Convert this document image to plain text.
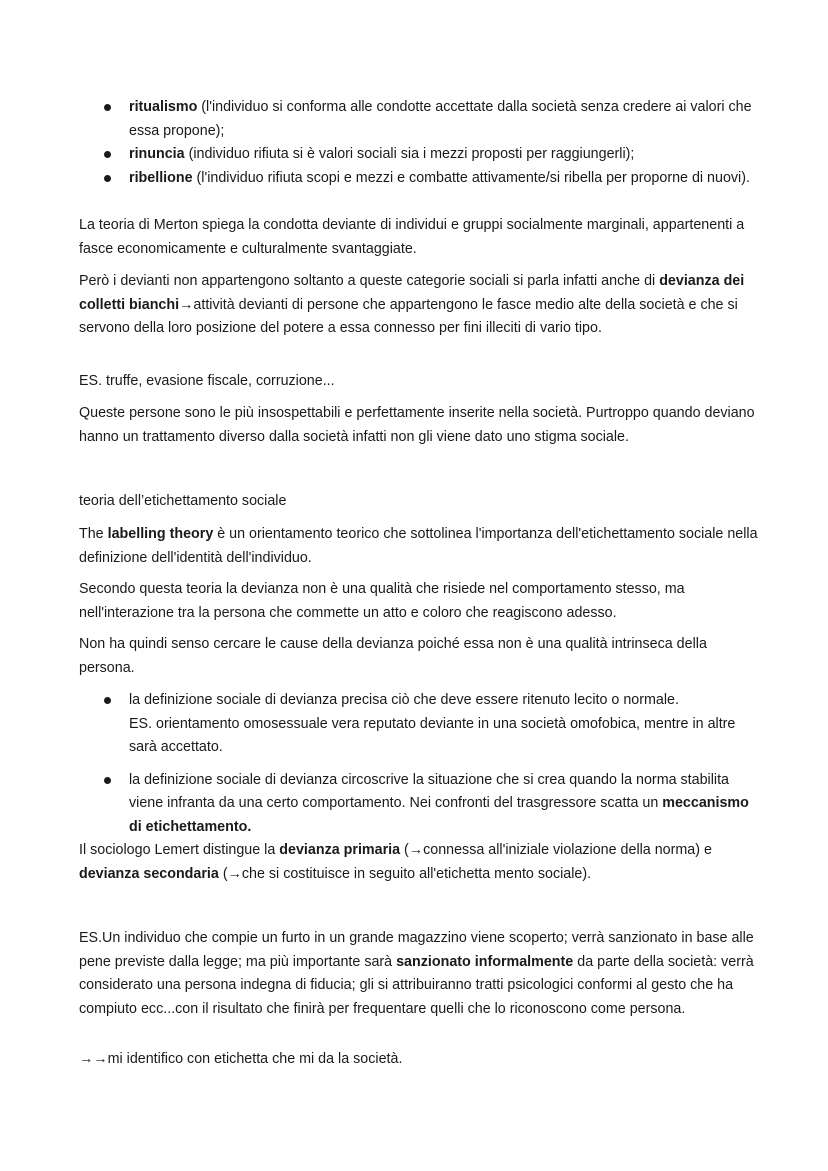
ritualismo (l'individuo si conforma alle condotte accettate dalla società senza credere ai valori che essa propone);
rinuncia (individuo rifiuta si è valori sociali sia i mezzi proposti per raggiungerli);
ribellione (l'individuo rifiuta scopi e mezzi e combatte attivamente/si ribella per proporne di nuovi).

La teoria di Merton spiega la condotta deviante di individui e gruppi socialmente marginali, appartenenti a fasce economicamente e culturalmente svantaggiate.

Però i devianti non appartengono soltanto a queste categorie sociali si parla infatti anche di devianza dei colletti bianchi→attività devianti di persone che appartengono le fasce medio alte della società e che si servono della loro posizione del potere a essa connesso per fini illeciti di vario tipo.

ES. truffe, evasione fiscale, corruzione...

Queste persone sono le più insospettabili e perfettamente inserite nella società. Purtroppo quando deviano hanno un trattamento diverso dalla società infatti non gli viene dato uno stigma sociale.

teoria dell’etichettamento sociale

The labelling theory è un orientamento teorico che sottolinea l'importanza dell'etichettamento sociale nella definizione dell'identità dell'individuo.

Secondo questa teoria la devianza non è una qualità che risiede nel comportamento stesso, ma nell'interazione tra la persona che commette un atto e coloro che reagiscono adesso.

Non ha quindi senso cercare le cause della devianza poiché essa non è una qualità intrinseca della persona.

la definizione sociale di devianza precisa ciò che deve essere ritenuto lecito o normale.
ES. orientamento omosessuale vera reputato deviante in una società omofobica, mentre in altre sarà accettato.
la definizione sociale di devianza circoscrive la situazione che si crea quando la norma stabilita viene infranta da una certo comportamento. Nei confronti del trasgressore scatta un meccanismo di etichettamento.

Il sociologo Lemert distingue la devianza primaria (→connessa all'iniziale violazione della norma) e devianza secondaria (→che si costituisce in seguito all'etichetta mento sociale).

ES.Un individuo che compie un furto in un grande magazzino viene scoperto; verrà sanzionato in base alle pene previste dalla legge; ma più importante sarà sanzionato informalmente da parte della società: verrà considerato una persona indegna di fiducia; gli si attribuiranno tratti psicologici conformi al gesto che ha compiuto ecc...con il risultato che finirà per frequentare quelli che lo riconoscono come persona.

→→mi identifico con etichetta che mi da la società.
